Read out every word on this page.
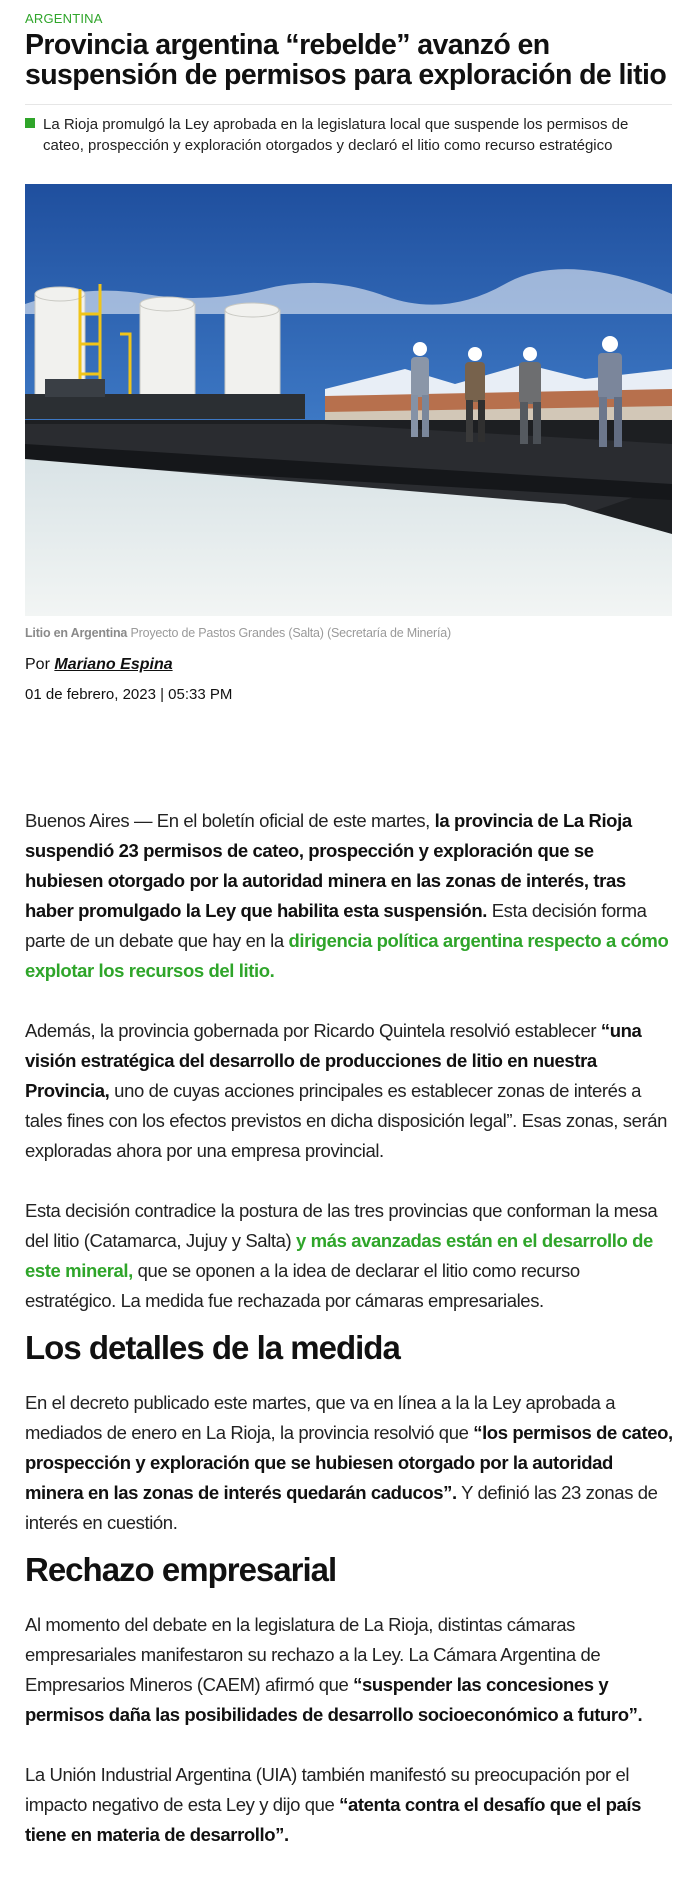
ARGENTINA
Provincia argentina “rebelde” avanzó en suspensión de permisos para exploración de litio

La Rioja promulgó la Ley aprobada en la legislatura local que suspende los permisos de cateo, prospección y exploración otorgados y declaró el litio como recurso estratégico

Litio en Argentina Proyecto de Pastos Grandes (Salta) (Secretaría de Minería)
Por Mariano Espina
01 de febrero, 2023 | 05:33 PM

Buenos Aires — En el boletín oficial de este martes, la provincia de La Rioja suspendió 23 permisos de cateo, prospección y exploración que se hubiesen otorgado por la autoridad minera en las zonas de interés, tras haber promulgado la Ley que habilita esta suspensión. Esta decisión forma parte de un debate que hay en la dirigencia política argentina respecto a cómo explotar los recursos del litio.

Además, la provincia gobernada por Ricardo Quintela resolvió establecer “una visión estratégica del desarrollo de producciones de litio en nuestra Provincia, uno de cuyas acciones principales es establecer zonas de interés a tales fines con los efectos previstos en dicha disposición legal”. Esas zonas, serán exploradas ahora por una empresa provincial.

Esta decisión contradice la postura de las tres provincias que conforman la mesa del litio (Catamarca, Jujuy y Salta) y más avanzadas están en el desarrollo de este mineral, que se oponen a la idea de declarar el litio como recurso estratégico. La medida fue rechazada por cámaras empresariales.

Los detalles de la medida

En el decreto publicado este martes, que va en línea a la la Ley aprobada a mediados de enero en La Rioja, la provincia resolvió que “los permisos de cateo, prospección y exploración que se hubiesen otorgado por la autoridad minera en las zonas de interés quedarán caducos”. Y definió las 23 zonas de interés en cuestión.

Rechazo empresarial

Al momento del debate en la legislatura de La Rioja, distintas cámaras empresariales manifestaron su rechazo a la Ley. La Cámara Argentina de Empresarios Mineros (CAEM) afirmó que “suspender las concesiones y permisos daña las posibilidades de desarrollo socioeconómico a futuro”.

La Unión Industrial Argentina (UIA) también manifestó su preocupación por el impacto negativo de esta Ley y dijo que “atenta contra el desafío que el país tiene en materia de desarrollo”.
